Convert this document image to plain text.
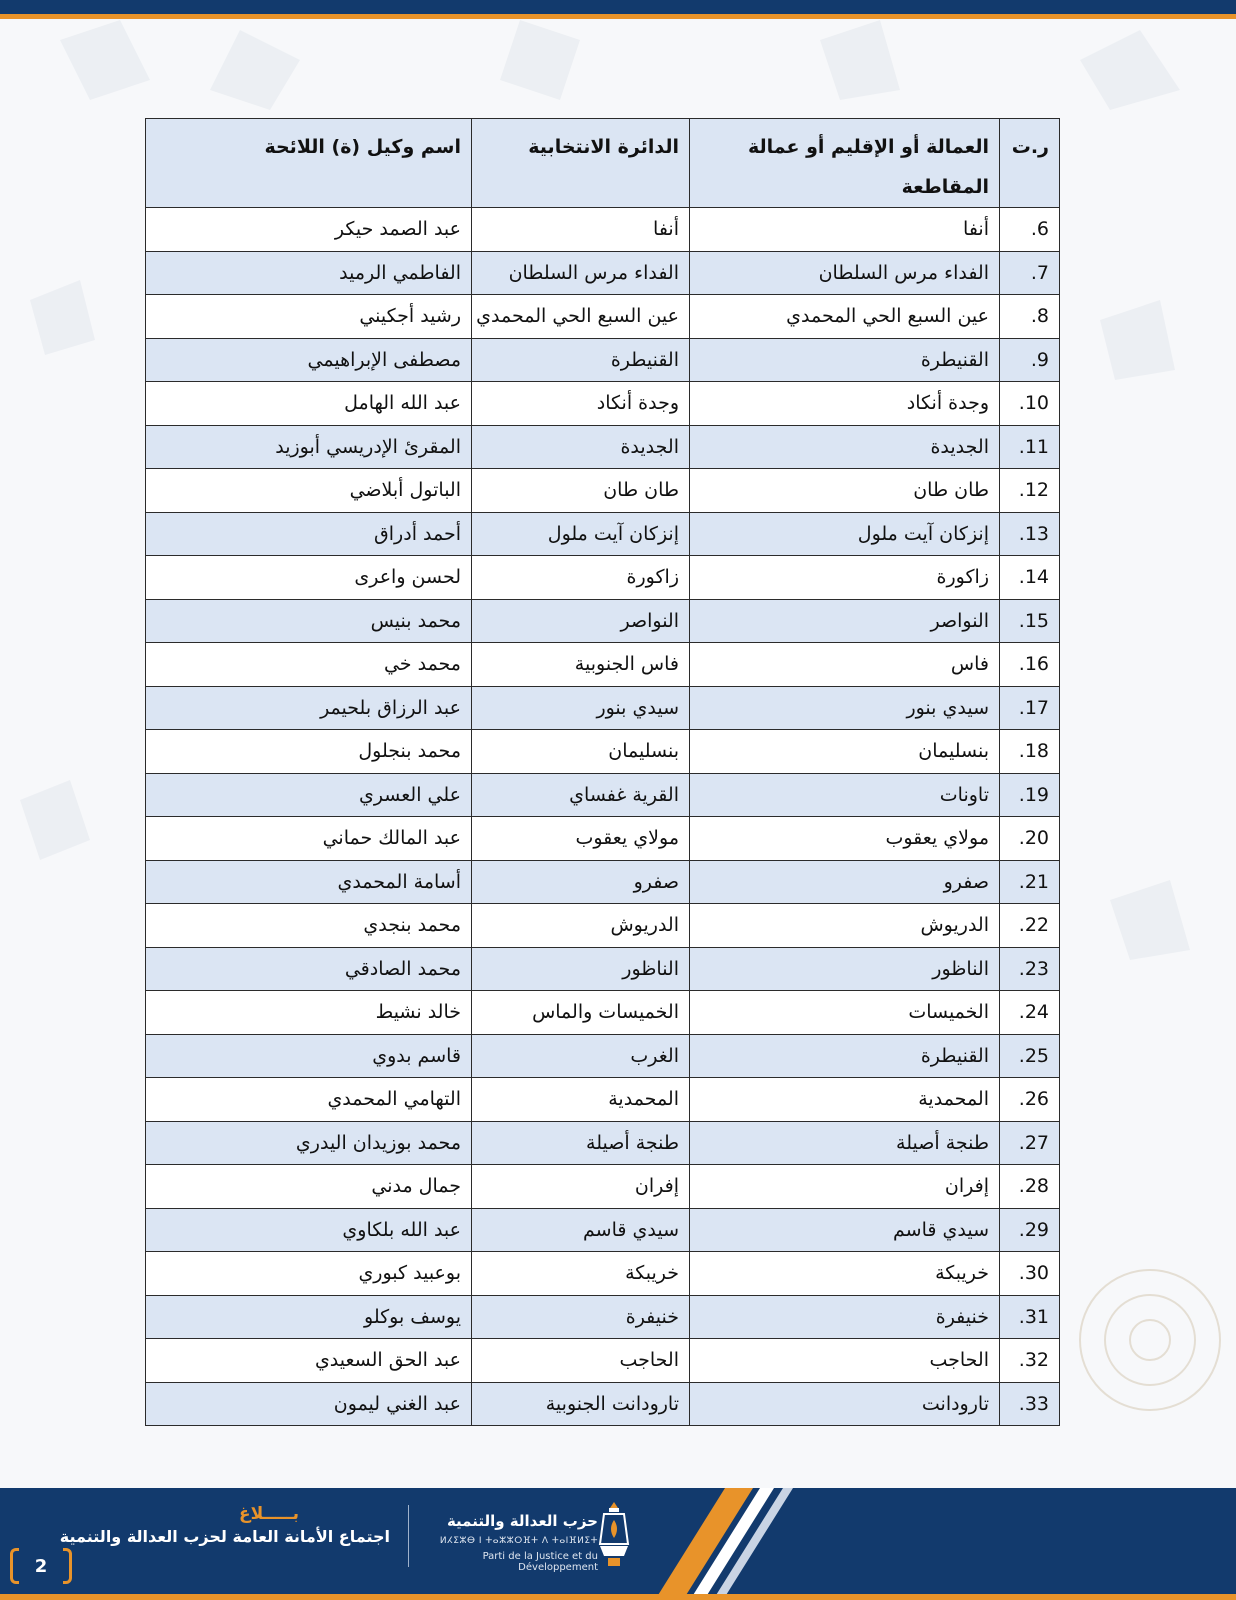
ر.ت	العمالة أو الإقليم أو عمالة المقاطعة	الدائرة الانتخابية	اسم وكيل (ة) اللائحة
6.	أنفا	أنفا	عبد الصمد حيكر
7.	الفداء مرس السلطان	الفداء مرس السلطان	الفاطمي الرميد
8.	عين السبع الحي المحمدي	عين السبع الحي المحمدي	رشيد أجكيني
9.	القنيطرة	القنيطرة	مصطفى الإبراهيمي
10.	وجدة أنكاد	وجدة أنكاد	عبد الله الهامل
11.	الجديدة	الجديدة	المقرئ الإدريسي أبوزيد
12.	طان طان	طان طان	الباتول أبلاضي
13.	إنزكان آيت ملول	إنزكان آيت ملول	أحمد أدراق
14.	زاكورة	زاكورة	لحسن واعرى
15.	النواصر	النواصر	محمد بنيس
16.	فاس	فاس الجنوبية	محمد خي
17.	سيدي بنور	سيدي بنور	عبد الرزاق بلحيمر
18.	بنسليمان	بنسليمان	محمد بنجلول
19.	تاونات	القرية غفساي	علي العسري
20.	مولاي يعقوب	مولاي يعقوب	عبد المالك حماني
21.	صفرو	صفرو	أسامة المحمدي
22.	الدريوش	الدريوش	محمد بنجدي
23.	الناظور	الناظور	محمد الصادقي
24.	الخميسات	الخميسات والماس	خالد نشيط
25.	القنيطرة	الغرب	قاسم بدوي
26.	المحمدية	المحمدية	التهامي المحمدي
27.	طنجة أصيلة	طنجة أصيلة	محمد بوزيدان اليدري
28.	إفران	إفران	جمال مدني
29.	سيدي قاسم	سيدي قاسم	عبد الله بلكاوي
30.	خريبكة	خريبكة	بوعبيد كبوري
31.	خنيفرة	خنيفرة	يوسف بوكلو
32.	الحاجب	الحاجب	عبد الحق السعيدي
33.	تارودانت	تارودانت الجنوبية	عبد الغني ليمون
حزب العدالة والتنمية
ⵍⵃⵉⵣⴱ ⵏ ⵜⴰⵣⵣⵔⴼⵜ ⴷ ⵜⴰⵏⴼⵍⵉⵜ
Parti de la Justice et du Développement
بـــــلاغ
اجتماع الأمانة العامة لحزب العدالة والتنمية
2
